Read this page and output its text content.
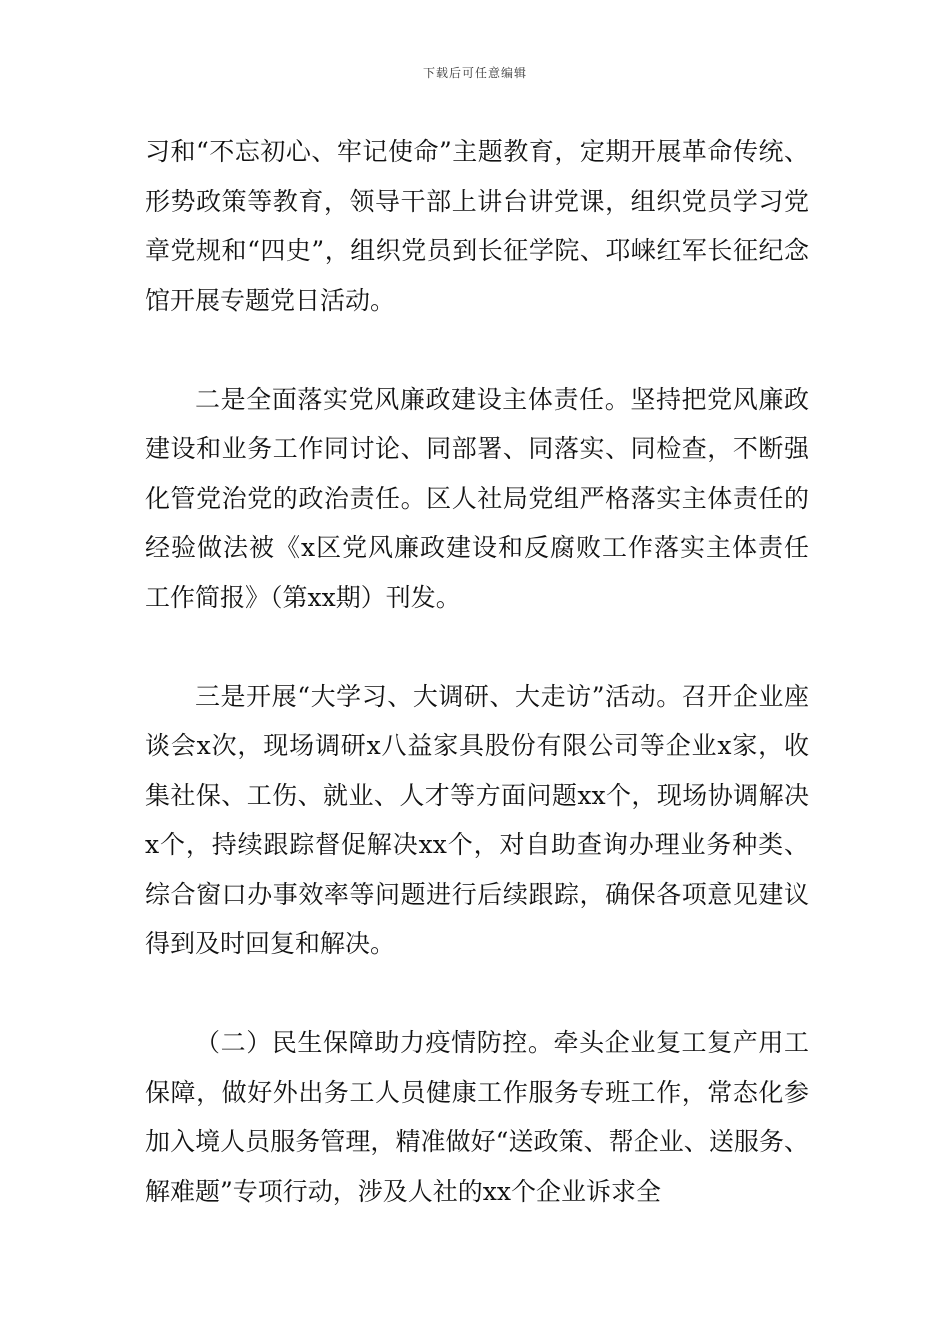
下载后可任意编辑

习和“不忘初心、牢记使命”主题教育，定期开展革命传统、形势政策等教育，领导干部上讲台讲党课，组织党员学习党章党规和“四史”，组织党员到长征学院、邛崃红军长征纪念馆开展专题党日活动。

二是全面落实党风廉政建设主体责任。坚持把党风廉政建设和业务工作同讨论、同部署、同落实、同检查，不断强化管党治党的政治责任。区人社局党组严格落实主体责任的经验做法被《x区党风廉政建设和反腐败工作落实主体责任工作简报》（第xx期）刊发。

三是开展“大学习、大调研、大走访”活动。召开企业座谈会x次，现场调研x八益家具股份有限公司等企业x家，收集社保、工伤、就业、人才等方面问题xx个，现场协调解决x个，持续跟踪督促解决xx个，对自助查询办理业务种类、综合窗口办事效率等问题进行后续跟踪，确保各项意见建议得到及时回复和解决。

（二）民生保障助力疫情防控。牵头企业复工复产用工保障，做好外出务工人员健康工作服务专班工作，常态化参加入境人员服务管理，精准做好“送政策、帮企业、送服务、解难题”专项行动，涉及人社的xx个企业诉求全
